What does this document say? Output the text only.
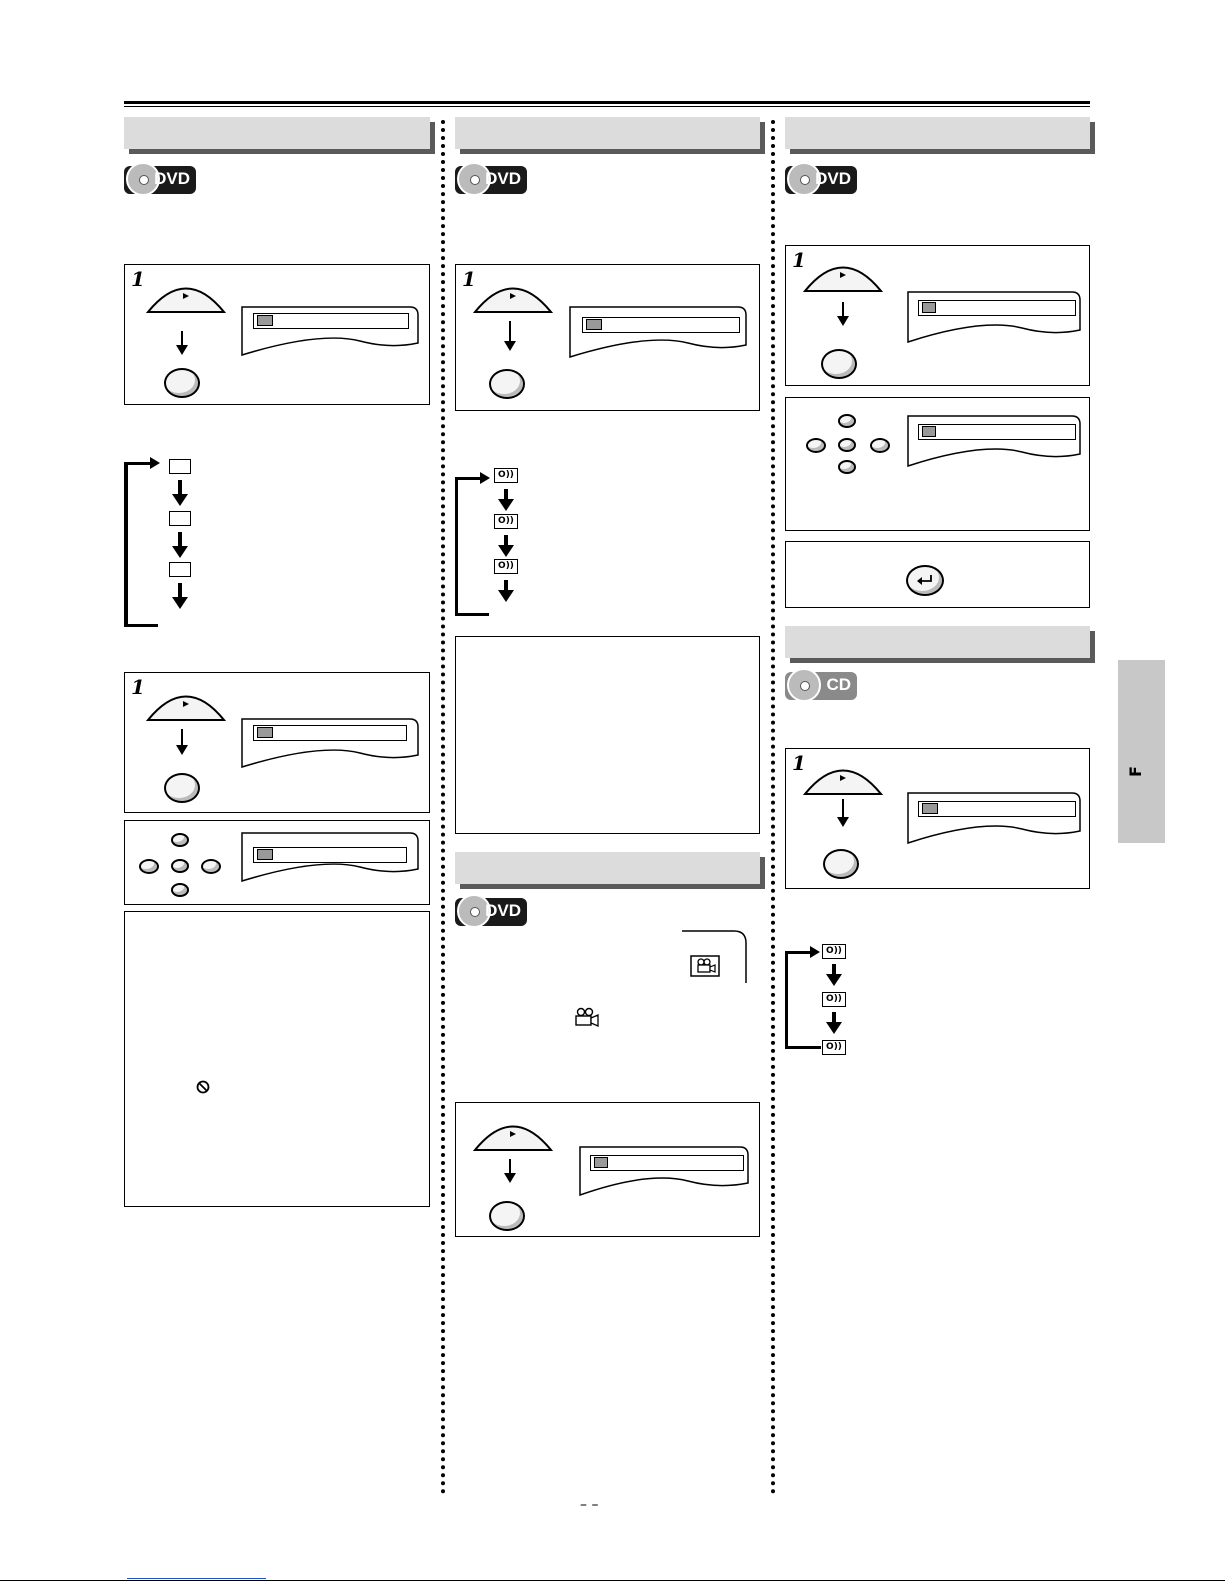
DVD
1
1
DVD
1
O))
O))
O))
DVD
DVD
1
CD
1
O))
O))
O))
F
– –
